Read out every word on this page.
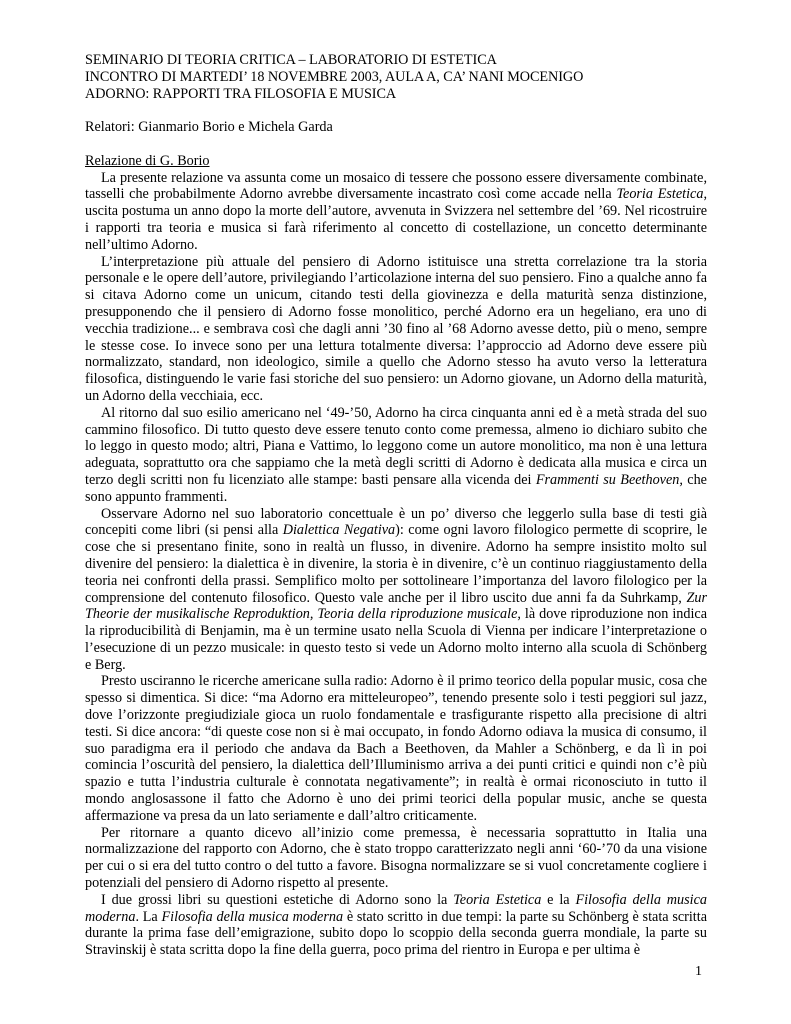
SEMINARIO DI TEORIA CRITICA – LABORATORIO DI ESTETICA
INCONTRO DI MARTEDI’ 18 NOVEMBRE 2003, AULA A, CA’ NANI MOCENIGO
ADORNO: RAPPORTI TRA FILOSOFIA E MUSICA
Relatori: Gianmario Borio e Michela Garda
Relazione di G. Borio

La presente relazione va assunta come un mosaico di tessere che possono essere diversamente combinate, tasselli che probabilmente Adorno avrebbe diversamente incastrato così come accade nella Teoria Estetica, uscita postuma un anno dopo la morte dell’autore, avvenuta in Svizzera nel settembre del ’69. Nel ricostruire i rapporti tra teoria e musica si farà riferimento al concetto di costellazione, un concetto determinante nell’ultimo Adorno.

L’interpretazione più attuale del pensiero di Adorno istituisce una stretta correlazione tra la storia personale e le opere dell’autore, privilegiando l’articolazione interna del suo pensiero. Fino a qualche anno fa si citava Adorno come un unicum, citando testi della giovinezza e della maturità senza distinzione, presupponendo che il pensiero di Adorno fosse monolitico, perché Adorno era un hegeliano, era uno di vecchia tradizione... e sembrava così che dagli anni ’30 fino al ’68 Adorno avesse detto, più o meno, sempre le stesse cose. Io invece sono per una lettura totalmente diversa: l’approccio ad Adorno deve essere più normalizzato, standard, non ideologico, simile a quello che Adorno stesso ha avuto verso la letteratura filosofica, distinguendo le varie fasi storiche del suo pensiero: un Adorno giovane, un Adorno della maturità, un Adorno della vecchiaia, ecc.

Al ritorno dal suo esilio americano nel ‘49-’50, Adorno ha circa cinquanta anni ed è a metà strada del suo cammino filosofico. Di tutto questo deve essere tenuto conto come premessa, almeno io dichiaro subito che lo leggo in questo modo; altri, Piana e Vattimo, lo leggono come un autore monolitico, ma non è una lettura adeguata, soprattutto ora che sappiamo che la metà degli scritti di Adorno è dedicata alla musica e circa un terzo degli scritti non fu licenziato alle stampe: basti pensare alla vicenda dei Frammenti su Beethoven, che sono appunto frammenti.

Osservare Adorno nel suo laboratorio concettuale è un po’ diverso che leggerlo sulla base di testi già concepiti come libri (si pensi alla Dialettica Negativa): come ogni lavoro filologico permette di scoprire, le cose che si presentano finite, sono in realtà un flusso, in divenire. Adorno ha sempre insistito molto sul divenire del pensiero: la dialettica è in divenire, la storia è in divenire, c’è un continuo riaggiustamento della teoria nei confronti della prassi. Semplifico molto per sottolineare l’importanza del lavoro filologico per la comprensione del contenuto filosofico. Questo vale anche per il libro uscito due anni fa da Suhrkamp, Zur Theorie der musikalische Reproduktion, Teoria della riproduzione musicale, là dove riproduzione non indica la riproducibilità di Benjamin, ma è un termine usato nella Scuola di Vienna per indicare l’interpretazione o l’esecuzione di un pezzo musicale: in questo testo si vede un Adorno molto interno alla scuola di Schönberg e Berg.

Presto usciranno le ricerche americane sulla radio: Adorno è il primo teorico della popular music, cosa che spesso si dimentica. Si dice: “ma Adorno era mitteleuropeo”, tenendo presente solo i testi peggiori sul jazz, dove l’orizzonte pregiudiziale gioca un ruolo fondamentale e trasfigurante rispetto alla precisione di altri testi. Si dice ancora: “di queste cose non si è mai occupato, in fondo Adorno odiava la musica di consumo, il suo paradigma era il periodo che andava da Bach a Beethoven, da Mahler a Schönberg, e da lì in poi comincia l’oscurità del pensiero, la dialettica dell’Illuminismo arriva a dei punti critici e quindi non c’è più spazio e tutta l’industria culturale è connotata negativamente”; in realtà è ormai riconosciuto in tutto il mondo anglosassone il fatto che Adorno è uno dei primi teorici della popular music, anche se questa affermazione va presa da un lato seriamente e dall’altro criticamente.

Per ritornare a quanto dicevo all’inizio come premessa, è necessaria soprattutto in Italia una normalizzazione del rapporto con Adorno, che è stato troppo caratterizzato negli anni ‘60-’70 da una visione per cui o si era del tutto contro o del tutto a favore. Bisogna normalizzare se si vuol concretamente cogliere i potenziali del pensiero di Adorno rispetto al presente.

I due grossi libri su questioni estetiche di Adorno sono la Teoria Estetica e la Filosofia della musica moderna. La Filosofia della musica moderna è stato scritto in due tempi: la parte su Schönberg è stata scritta durante la prima fase dell’emigrazione, subito dopo lo scoppio della seconda guerra mondiale, la parte su Stravinskij è stata scritta dopo la fine della guerra, poco prima del rientro in Europa e per ultima è

1
